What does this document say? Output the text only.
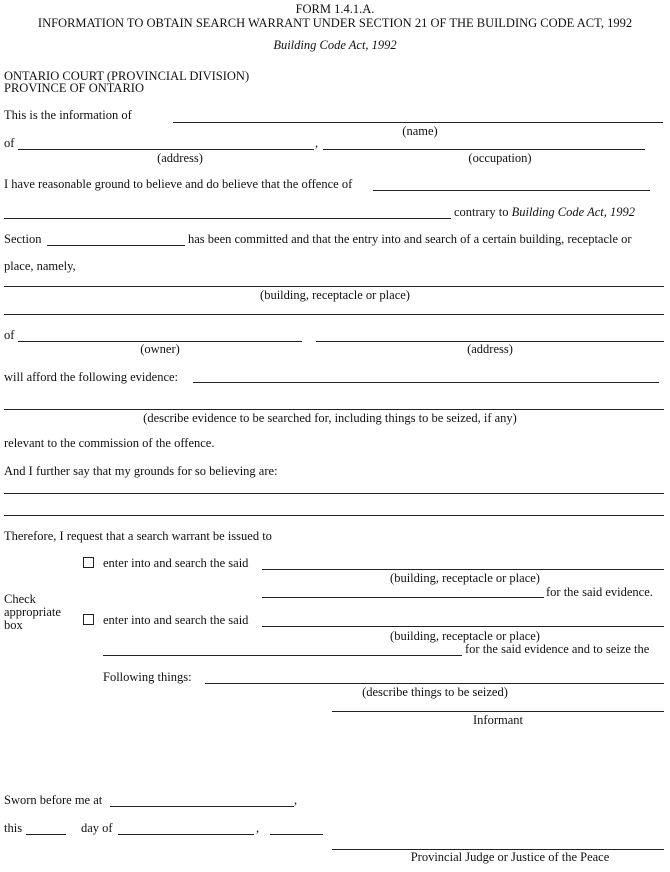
FORM 1.4.1.A.
INFORMATION TO OBTAIN SEARCH WARRANT UNDER SECTION 21 OF THE BUILDING CODE ACT, 1992
Building Code Act, 1992
ONTARIO COURT (PROVINCIAL DIVISION)
PROVINCE OF ONTARIO
This is the information of
(name)
of	,
(address)	(occupation)
I have reasonable ground to believe and do believe that the offence of
contrary to Building Code Act, 1992
Section	has been committed and that the entry into and search of a certain building, receptacle or
place, namely,
(building, receptacle or place)
of
(owner)	(address)
will afford the following evidence:
(describe evidence to be searched for, including things to be seized, if any)
relevant to the commission of the offence.
And I further say that my grounds for so believing are:
Therefore, I request that a search warrant be issued to
enter into and search the said
(building, receptacle or place)
for the said evidence.
Check
appropriate
box	enter into and search the said
(building, receptacle or place)
for the said evidence and to seize the
Following things:
(describe things to be seized)
Informant
Sworn before me at	,
this	day of	,
Provincial Judge or Justice of the Peace
